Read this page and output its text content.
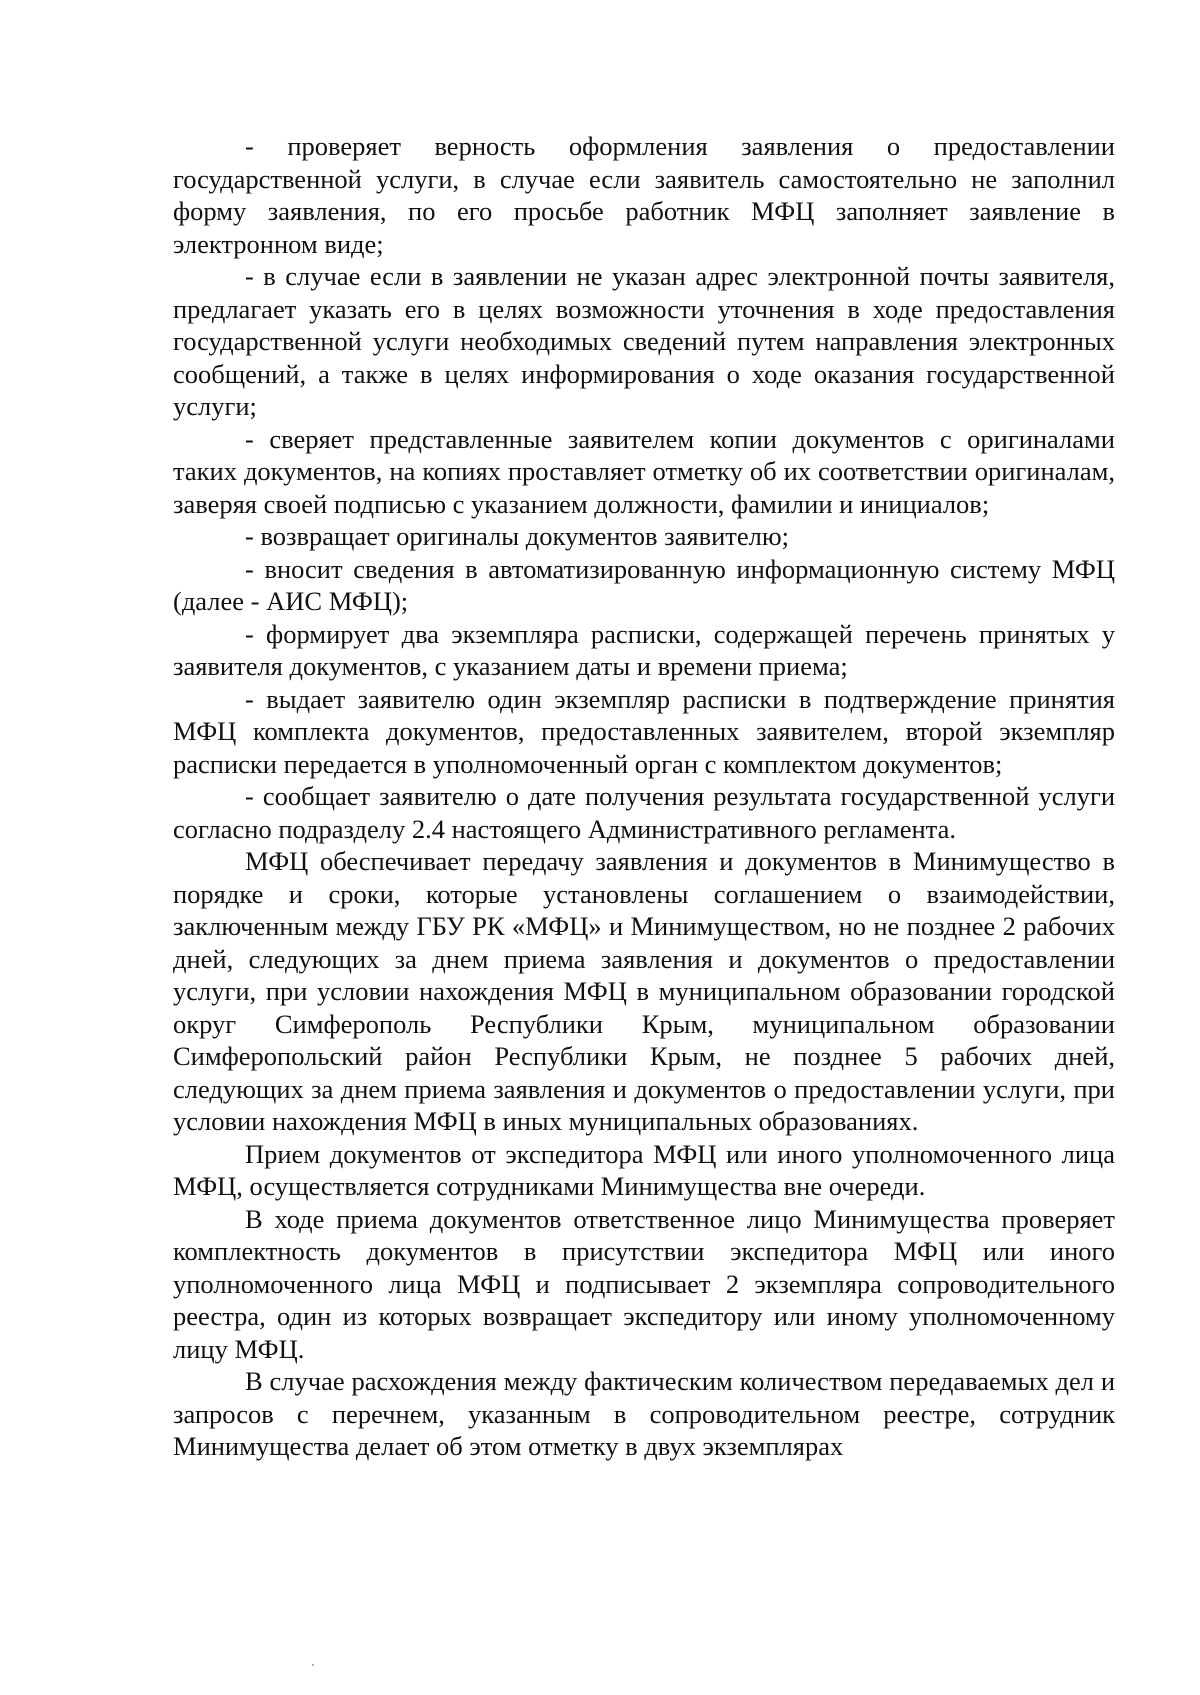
- проверяет верность оформления заявления о предоставлении государственной услуги, в случае если заявитель самостоятельно не заполнил форму заявления, по его просьбе работник МФЦ заполняет заявление в электронном виде;

- в случае если в заявлении не указан адрес электронной почты заявителя, предлагает указать его в целях возможности уточнения в ходе предоставления государственной услуги необходимых сведений путем направления электронных сообщений, а также в целях информирования о ходе оказания государственной услуги;

- сверяет представленные заявителем копии документов с оригиналами таких документов, на копиях проставляет отметку об их соответствии оригиналам, заверяя своей подписью с указанием должности, фамилии и инициалов;

- возвращает оригиналы документов заявителю;

- вносит сведения в автоматизированную информационную систему МФЦ (далее - АИС МФЦ);

- формирует два экземпляра расписки, содержащей перечень принятых у заявителя документов, с указанием даты и времени приема;

- выдает заявителю один экземпляр расписки в подтверждение принятия МФЦ комплекта документов, предоставленных заявителем, второй экземпляр расписки передается в уполномоченный орган с комплектом документов;

- сообщает заявителю о дате получения результата государственной услуги согласно подразделу 2.4 настоящего Административного регламента.

МФЦ обеспечивает передачу заявления и документов в Минимущество в порядке и сроки, которые установлены соглашением о взаимодействии, заключенным между ГБУ РК «МФЦ» и Минимуществом, но не позднее 2 рабочих дней, следующих за днем приема заявления и документов о предоставлении услуги, при условии нахождения МФЦ в муниципальном образовании городской округ Симферополь Республики Крым, муниципальном образовании Симферопольский район Республики Крым, не позднее 5 рабочих дней, следующих за днем приема заявления и документов о предоставлении услуги, при условии нахождения МФЦ в иных муниципальных образованиях.

Прием документов от экспедитора МФЦ или иного уполномоченного лица МФЦ, осуществляется сотрудниками Минимущества вне очереди.

В ходе приема документов ответственное лицо Минимущества проверяет комплектность документов в присутствии экспедитора МФЦ или иного уполномоченного лица МФЦ и подписывает 2 экземпляра сопроводительного реестра, один из которых возвращает экспедитору или иному уполномоченному лицу МФЦ.

В случае расхождения между фактическим количеством передаваемых дел и запросов с перечнем, указанным в сопроводительном реестре, сотрудник Минимущества делает об этом отметку в двух экземплярах
